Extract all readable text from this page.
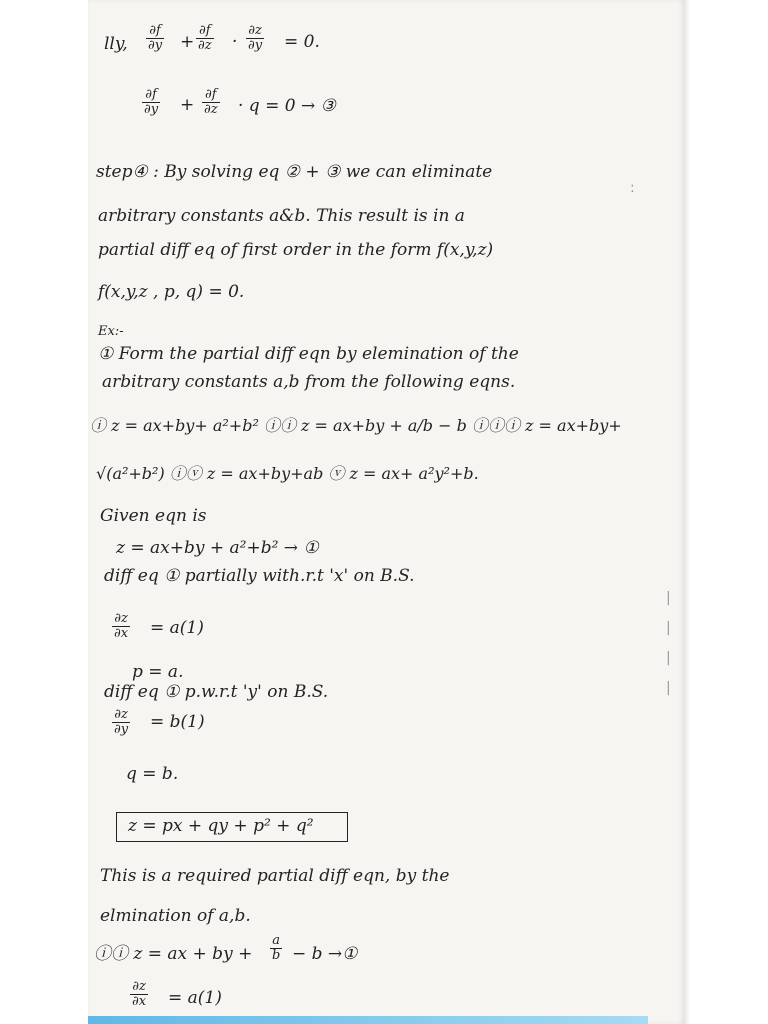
lly, $\frac{\partial f}{\partial y} + \frac{\partial f}{\partial z} \cdot \frac{\partial z}{\partial y} = 0$.
$\frac{\partial f}{\partial y} + \frac{\partial f}{\partial z} \cdot q = 0$ → ③
step④ : By solving eq ② + ③ we can eliminate
arbitrary constants a&b. This result is in a
partial diff eq of first order in the form f(x,y,z)
f(x,y,z , p, q) = 0.
Ex:-
① Form the partial diff eqn by elemination of the
arbitrary constants a,b from the following eqns.
ⓘ z = ax+by+ a²+b² ⓘⓘ z = ax+by + a/b − b ⓘⓘⓘ z = ax+by+
√(a²+b²) ⓘⓥ z = ax+by+ab ⓥ z = ax+ a²y²+b.
Given eqn is
z = ax+by + a²+b² → ①
diff eq ① partially with.r.t 'x' on B.S.
$\frac{\partial z}{\partial x} = a(1)$
p = a.
diff eq ① p.w.r.t 'y' on B.S.
$\frac{\partial z}{\partial y} = b(1)$
q = b.
z = px + qy + p² + q²
This is a required partial diff eqn, by the
elmination of a,b.
ⓘⓘ z = ax + by + $\frac{a}{b} - b$ →①
$\frac{\partial z}{\partial x} = a(1)$
:
|
|
|
|
